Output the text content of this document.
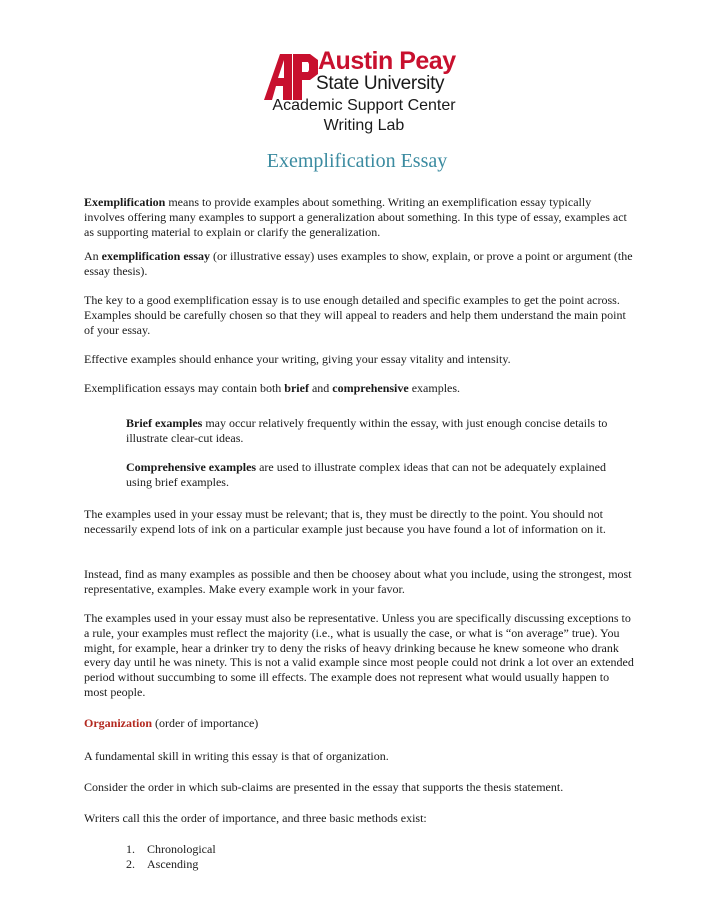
Austin Peay
State University
Academic Support Center
Writing Lab
Exemplification Essay

Exemplification means to provide examples about something. Writing an exemplification essay typically involves offering many examples to support a generalization about something. In this type of essay, examples act as supporting material to explain or clarify the generalization.

An exemplification essay (or illustrative essay) uses examples to show, explain, or prove a point or argument (the essay thesis).

The key to a good exemplification essay is to use enough detailed and specific examples to get the point across. Examples should be carefully chosen so that they will appeal to readers and help them understand the main point of your essay.

Effective examples should enhance your writing, giving your essay vitality and intensity.

Exemplification essays may contain both brief and comprehensive examples.

Brief examples may occur relatively frequently within the essay, with just enough concise details to illustrate clear-cut ideas.

Comprehensive examples are used to illustrate complex ideas that can not be adequately explained using brief examples.

The examples used in your essay must be relevant; that is, they must be directly to the point. You should not necessarily expend lots of ink on a particular example just because you have found a lot of information on it.

Instead, find as many examples as possible and then be choosey about what you include, using the strongest, most representative, examples. Make every example work in your favor.

The examples used in your essay must also be representative. Unless you are specifically discussing exceptions to a rule, your examples must reflect the majority (i.e., what is usually the case, or what is “on average” true). You might, for example, hear a drinker try to deny the risks of heavy drinking because he knew someone who drank every day until he was ninety. This is not a valid example since most people could not drink a lot over an extended period without succumbing to some ill effects. The example does not represent what would usually happen to most people.

Organization (order of importance)

A fundamental skill in writing this essay is that of organization.

Consider the order in which sub-claims are presented in the essay that supports the thesis statement.

Writers call this the order of importance, and three basic methods exist:

1. Chronological
2. Ascending
